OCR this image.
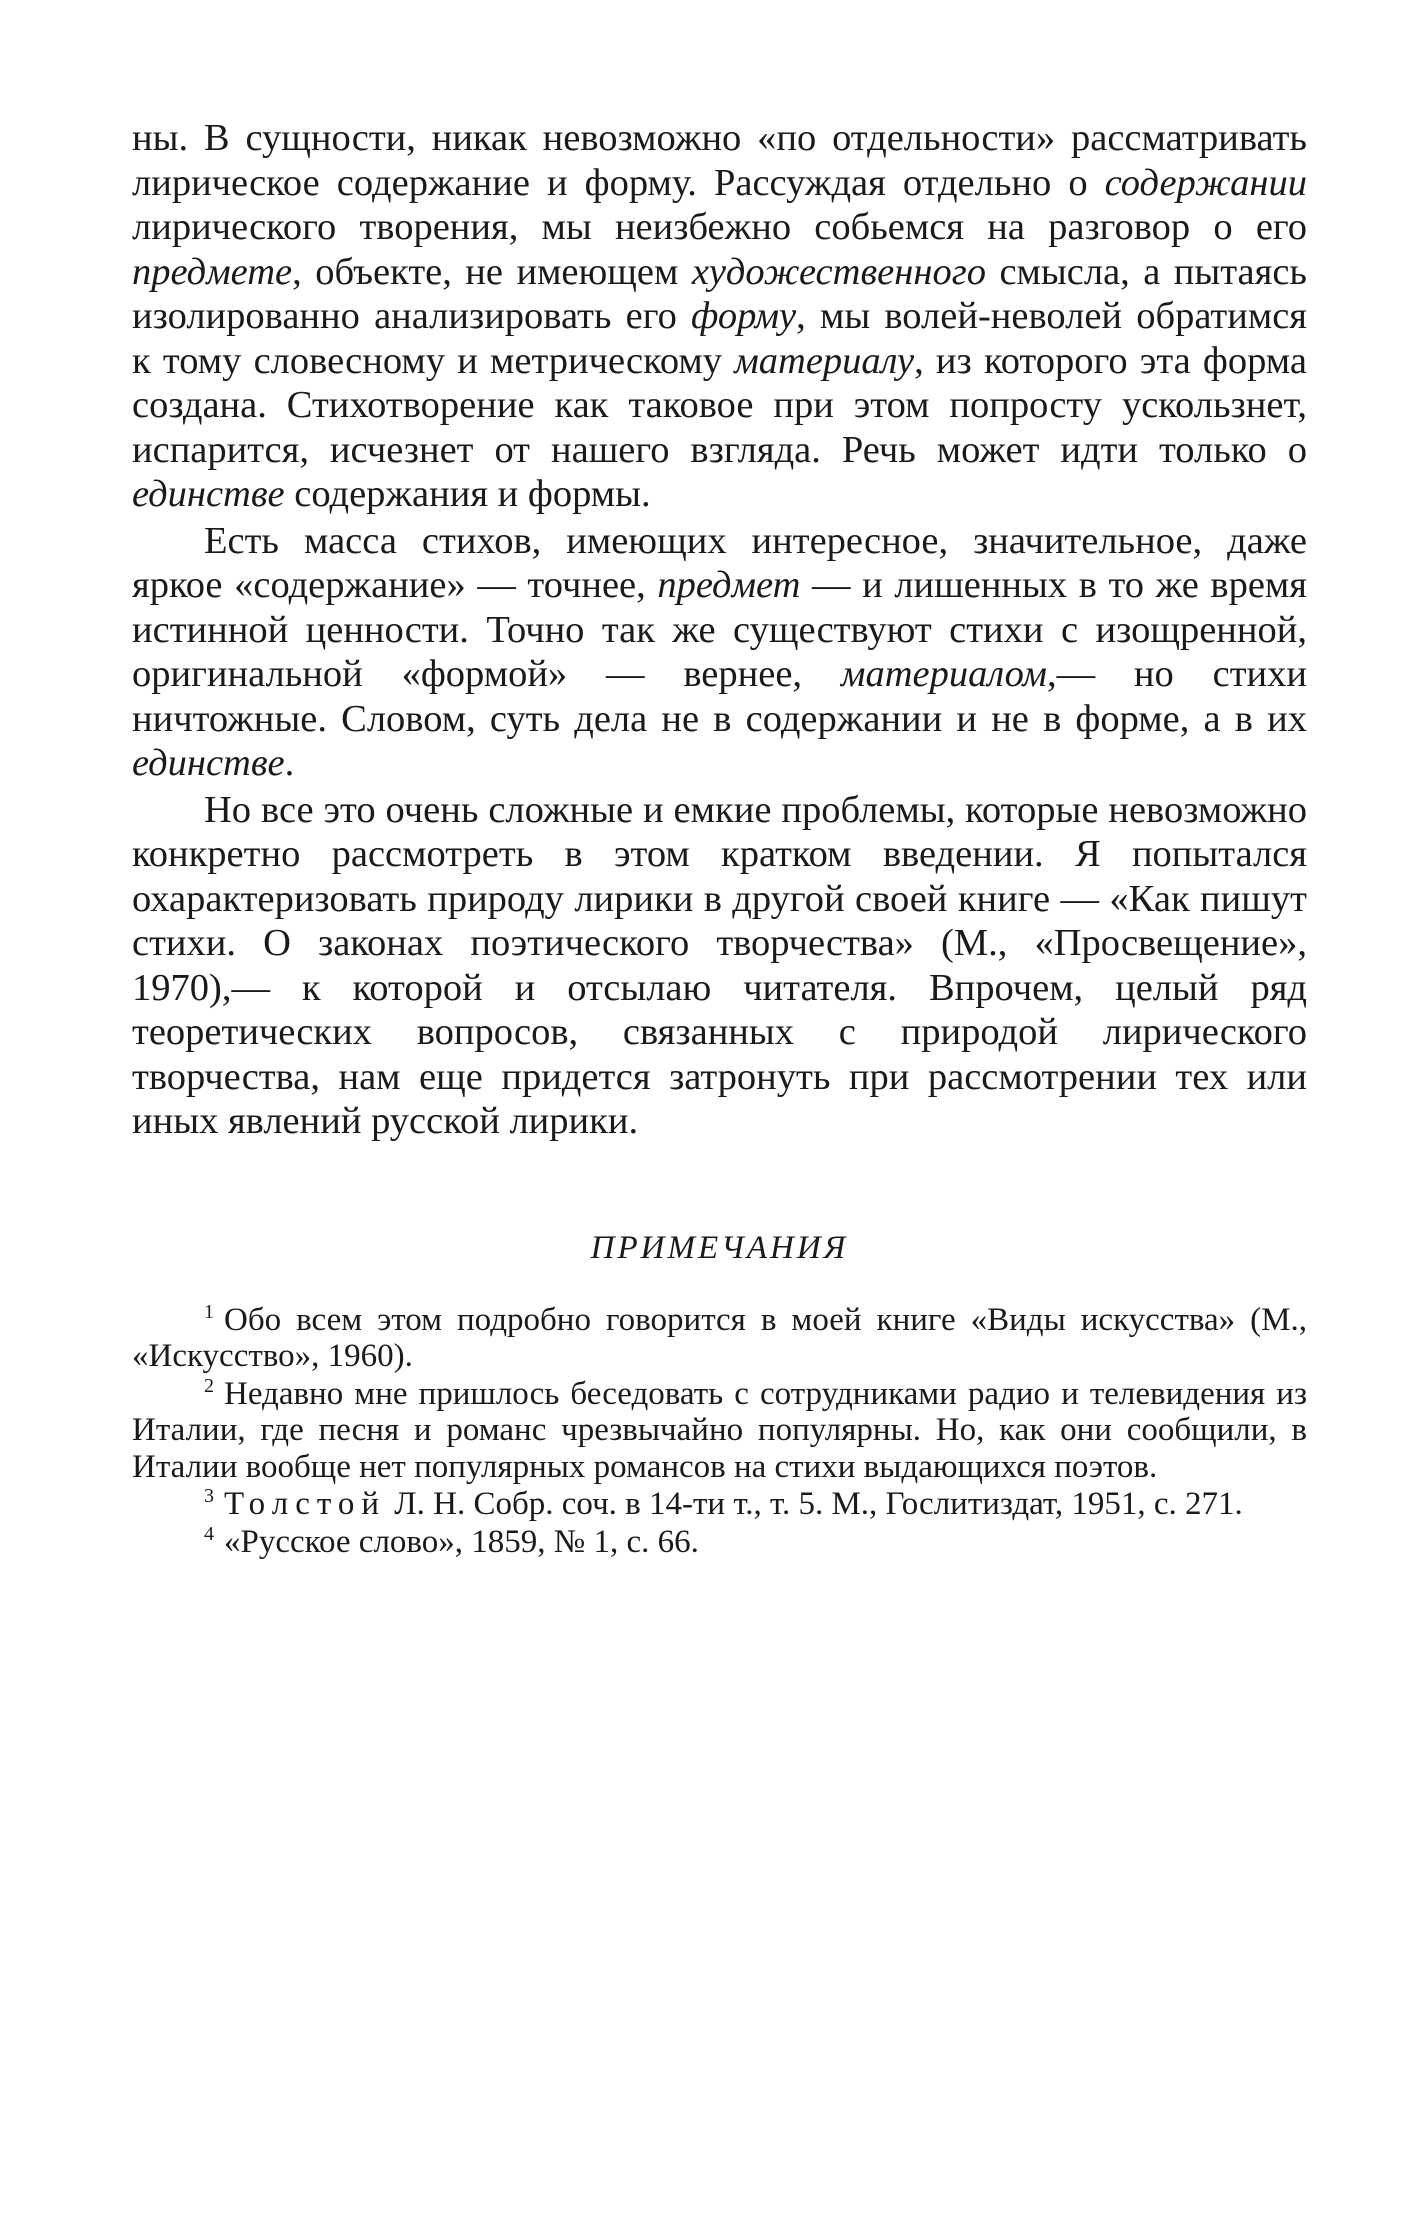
ны. В сущности, никак невозможно «по отдельности» рассматривать лирическое содержание и форму. Рассуждая отдельно о содержании лирического творения, мы неизбежно собьемся на разговор о его предмете, объекте, не имеющем художественного смысла, а пытаясь изолированно анализировать его форму, мы волей-неволей обратимся к тому словесному и метрическому материалу, из которого эта форма создана. Стихотворение как таковое при этом попросту ускользнет, испарится, исчезнет от нашего взгляда. Речь может идти только о единстве содержания и формы.

Есть масса стихов, имеющих интересное, значительное, даже яркое «содержание» — точнее, предмет — и лишенных в то же время истинной ценности. Точно так же существуют стихи с изощренной, оригинальной «формой» — вернее, материалом,— но стихи ничтожные. Словом, суть дела не в содержании и не в форме, а в их единстве.

Но все это очень сложные и емкие проблемы, которые невозможно конкретно рассмотреть в этом кратком введении. Я попытался охарактеризовать природу лирики в другой своей книге — «Как пишут стихи. О законах поэтического творчества» (М., «Просвещение», 1970),— к которой и отсылаю читателя. Впрочем, целый ряд теоретических вопросов, связанных с природой лирического творчества, нам еще придется затронуть при рассмотрении тех или иных явлений русской лирики.

ПРИМЕЧАНИЯ

$^1$ Обо всем этом подробно говорится в моей книге «Виды искусства» (М., «Искусство», 1960).

$^2$ Недавно мне пришлось беседовать с сотрудниками радио и телевидения из Италии, где песня и романс чрезвычайно популярны. Но, как они сообщили, в Италии вообще нет популярных романсов на стихи выдающихся поэтов.

$^3$ Толстой Л. Н. Собр. соч. в 14-ти т., т. 5. М., Гослитиздат, 1951, с. 271.

$^4$ «Русское слово», 1859, № 1, с. 66.
